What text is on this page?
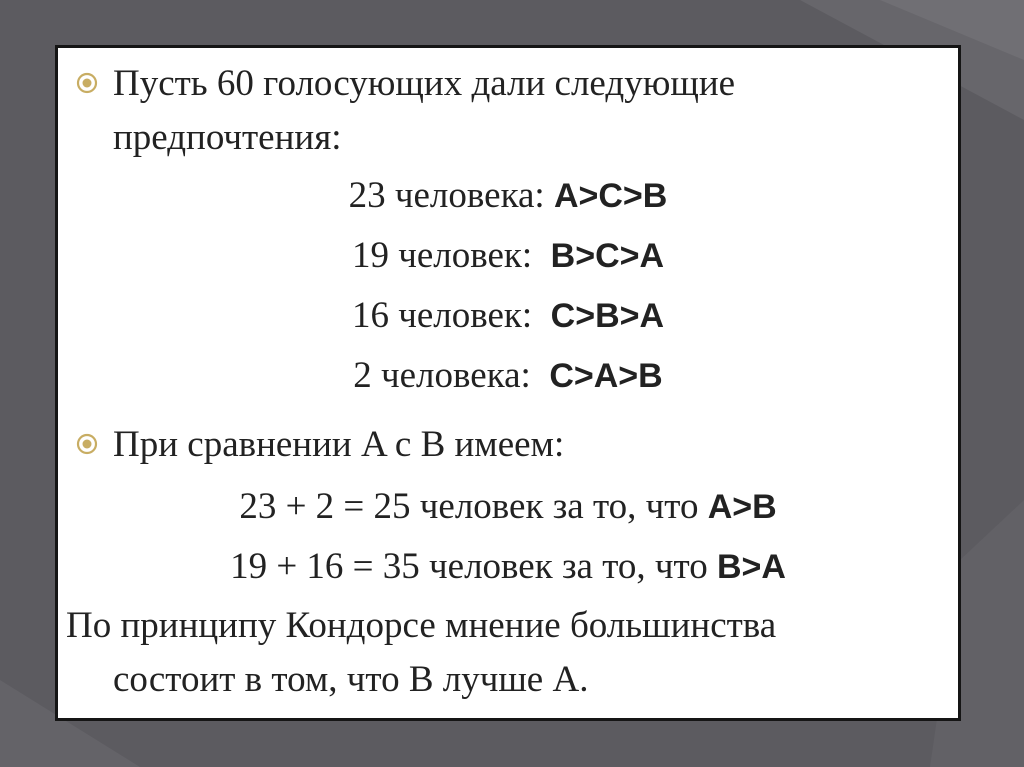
Пусть 60 голосующих дали следующие
предпочтения:
23 человека: A>C>B
19 человек: B>C>A
16 человек: C>B>A
2 человека: C>A>B
При сравнении A с B имеем:
23 + 2 = 25 человек за то, что A>B
19 + 16 = 35 человек за то, что B>A
По принципу Кондорсе мнение большинства
состоит в том, что B лучше A.
